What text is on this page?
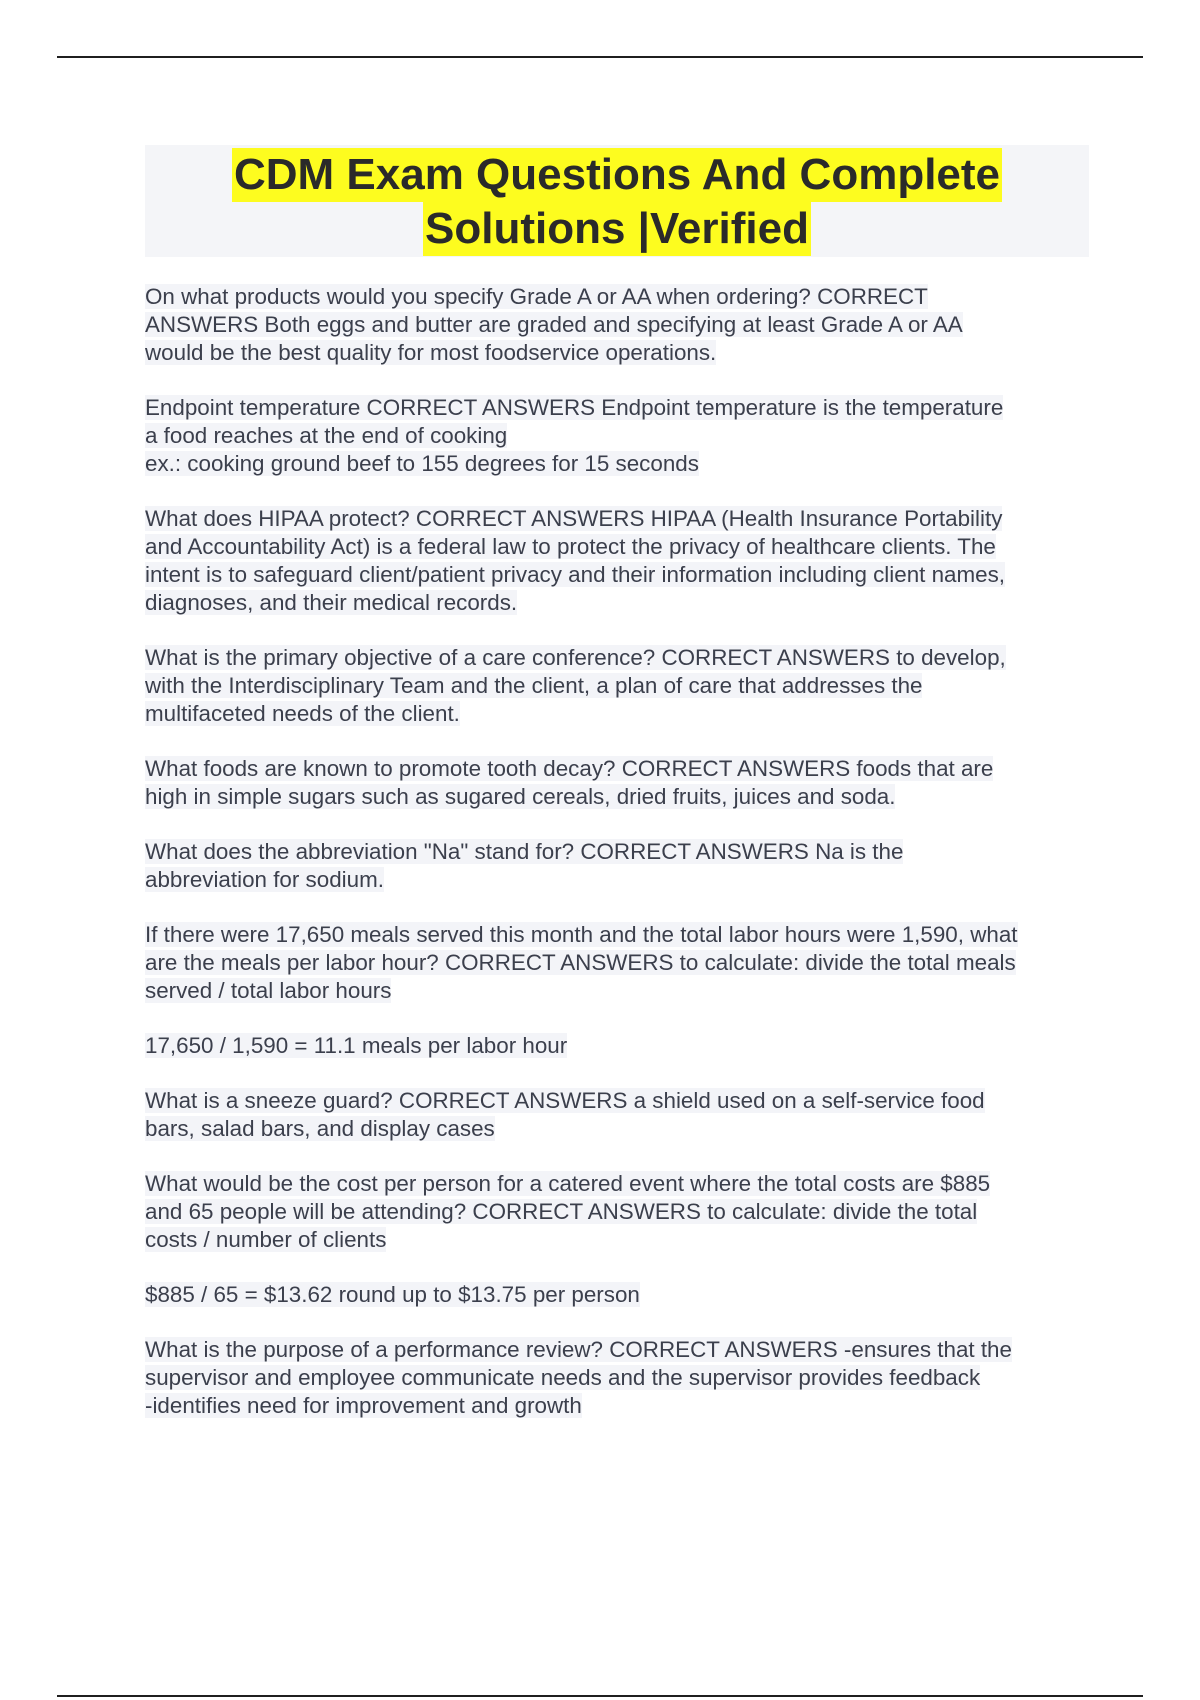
CDM Exam Questions And Complete
Solutions |Verified
On what products would you specify Grade A or AA when ordering? CORRECT
ANSWERS Both eggs and butter are graded and specifying at least Grade A or AA
would be the best quality for most foodservice operations.
Endpoint temperature CORRECT ANSWERS Endpoint temperature is the temperature
a food reaches at the end of cooking
ex.: cooking ground beef to 155 degrees for 15 seconds
What does HIPAA protect? CORRECT ANSWERS HIPAA (Health Insurance Portability
and Accountability Act) is a federal law to protect the privacy of healthcare clients. The
intent is to safeguard client/patient privacy and their information including client names,
diagnoses, and their medical records.
What is the primary objective of a care conference? CORRECT ANSWERS to develop,
with the Interdisciplinary Team and the client, a plan of care that addresses the
multifaceted needs of the client.
What foods are known to promote tooth decay? CORRECT ANSWERS foods that are
high in simple sugars such as sugared cereals, dried fruits, juices and soda.
What does the abbreviation "Na" stand for? CORRECT ANSWERS Na is the
abbreviation for sodium.
If there were 17,650 meals served this month and the total labor hours were 1,590, what
are the meals per labor hour? CORRECT ANSWERS to calculate: divide the total meals
served / total labor hours
17,650 / 1,590 = 11.1 meals per labor hour
What is a sneeze guard? CORRECT ANSWERS a shield used on a self-service food
bars, salad bars, and display cases
What would be the cost per person for a catered event where the total costs are $885
and 65 people will be attending? CORRECT ANSWERS to calculate: divide the total
costs / number of clients
$885 / 65 = $13.62 round up to $13.75 per person
What is the purpose of a performance review? CORRECT ANSWERS -ensures that the
supervisor and employee communicate needs and the supervisor provides feedback
-identifies need for improvement and growth
